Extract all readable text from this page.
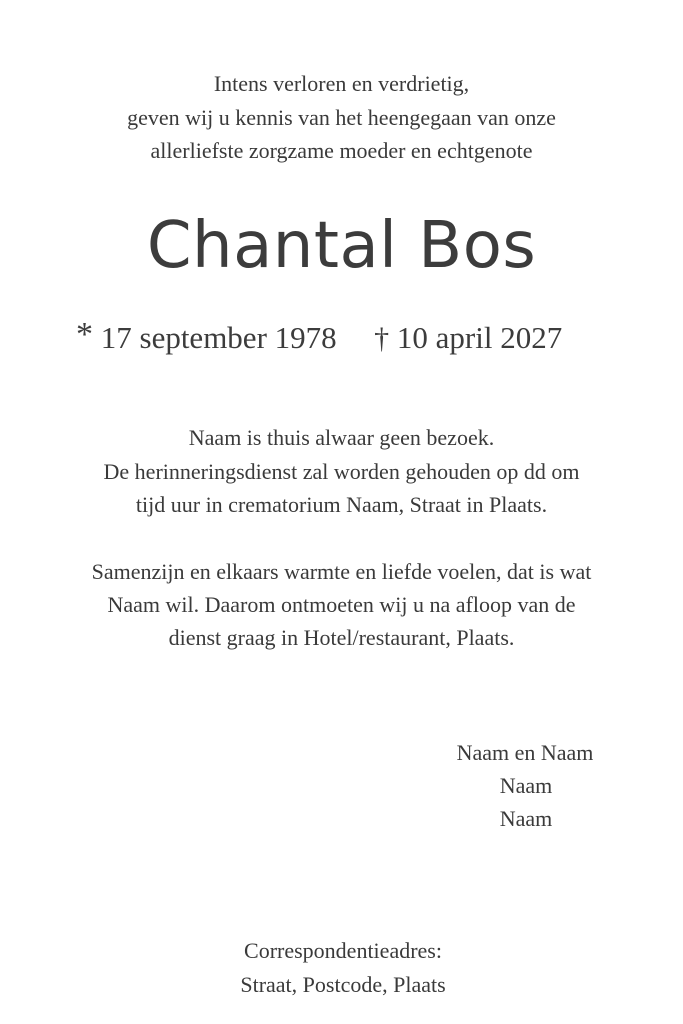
Intens verloren en verdrietig,
geven wij u kennis van het heengegaan van onze
allerliefste zorgzame moeder en echtgenote
Chantal Bos
* 17 september 1978 † 10 april 2027
Naam is thuis alwaar geen bezoek.
De herinneringsdienst zal worden gehouden op dd om
tijd uur in crematorium Naam, Straat in Plaats.
Samenzijn en elkaars warmte en liefde voelen, dat is wat
Naam wil. Daarom ontmoeten wij u na afloop van de
dienst graag in Hotel/restaurant, Plaats.
Naam en Naam
Naam
Naam
Correspondentieadres:
Straat, Postcode, Plaats
